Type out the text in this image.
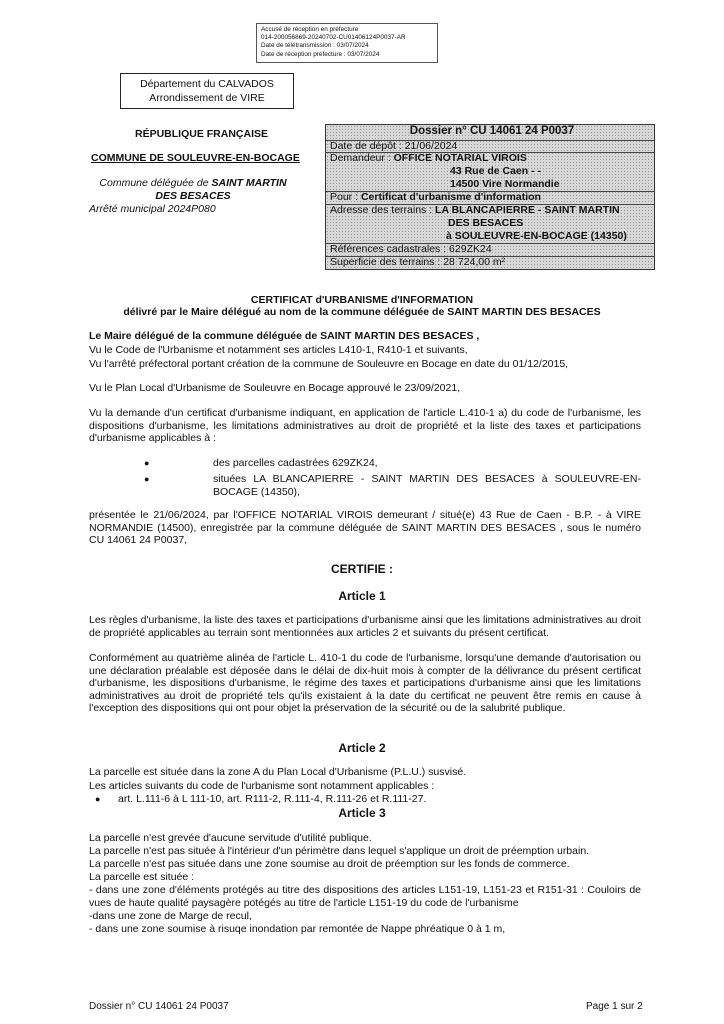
Accusé de réception en préfecture
014-200056869-20240702-CU01406124P0037-AR
Date de télétransmission : 03/07/2024
Date de réception préfecture : 03/07/2024
Département du CALVADOS
Arrondissement de VIRE
RÉPUBLIQUE FRANÇAISE
COMMUNE DE SOULEUVRE-EN-BOCAGE
Commune déléguée de SAINT MARTIN DES BESACES
Arrêté municipal 2024P080
Dossier n° CU 14061 24 P0037
Date de dépôt : 21/06/2024
Demandeur : OFFICE NOTARIAL VIROIS
43 Rue de Caen - -
14500 Vire Normandie
Pour : Certificat d'urbanisme d'information
Adresse des terrains : LA BLANCAPIERRE - SAINT MARTIN
DES BESACES
à SOULEUVRE-EN-BOCAGE (14350)
Références cadastrales : 629ZK24
Superficie des terrains : 28 724,00 m²
CERTIFICAT d'URBANISME d'INFORMATION
délivré par le Maire délégué au nom de la commune déléguée de SAINT MARTIN DES BESACES
Le Maire délégué de la commune déléguée de SAINT MARTIN DES BESACES ,
Vu le Code de l'Urbanisme et notamment ses articles L410-1, R410-1 et suivants,
Vu l'arrêté préfectoral portant création de la commune de Souleuvre en Bocage en date du 01/12/2015,
Vu le Plan Local d'Urbanisme de Souleuvre en Bocage approuvé le 23/09/2021,
Vu la demande d'un certificat d'urbanisme indiquant, en application de l'article L.410-1 a) du code de l'urbanisme, les dispositions d'urbanisme, les limitations administratives au droit de propriété et la liste des taxes et participations d'urbanisme applicables à :
●	des parcelles cadastrées 629ZK24,
●	situées LA BLANCAPIERRE - SAINT MARTIN DES BESACES à SOULEUVRE-EN-BOCAGE (14350),
présentée le 21/06/2024, par l'OFFICE NOTARIAL VIROIS demeurant / situé(e) 43 Rue de Caen - B.P. - à VIRE NORMANDIE (14500), enregistrée par la commune déléguée de SAINT MARTIN DES BESACES , sous le numéro CU 14061 24 P0037,
CERTIFIE :
Article 1
Les règles d'urbanisme, la liste des taxes et participations d'urbanisme ainsi que les limitations administratives au droit de propriété applicables au terrain sont mentionnées aux articles 2 et suivants du présent certificat.
Conformément au quatrième alinéa de l'article L. 410-1 du code de l'urbanisme, lorsqu'une demande d'autorisation ou une déclaration préalable est déposée dans le délai de dix-huit mois à compter de la délivrance du présent certificat d'urbanisme, les dispositions d'urbanisme, le régime des taxes et participations d'urbanisme ainsi que les limitations administratives au droit de propriété tels qu'ils existaient à la date du certificat ne peuvent être remis en cause à l'exception des dispositions qui ont pour objet la préservation de la sécurité ou de la salubrité publique.
Article 2
La parcelle est située dans la zone A du Plan Local d'Urbanisme (P.L.U.) susvisé.
Les articles suivants du code de l'urbanisme sont notamment applicables :
● art. L.111-6 à L 111-10, art. R111-2, R.111-4, R.111-26 et R.111-27.
Article 3
La parcelle n'est grevée d'aucune servitude d'utilité publique.
La parcelle n'est pas située à l'intérieur d'un périmètre dans lequel s'applique un droit de préemption urbain.
La parcelle n'est pas située dans une zone soumise au droit de préemption sur les fonds de commerce.
La parcelle est située :
- dans une zone d'éléments protégés au titre des dispositions des articles L151-19, L151-23 et R151-31 : Couloirs de vues de haute qualité paysagère potégés au titre de l'article L151-19 du code de l'urbanisme
-dans une zone de Marge de recul,
- dans une zone soumise à risuqe inondation par remontée de Nappe phréatique 0 à 1 m,
Dossier n° CU 14061 24 P0037	Page 1 sur 2
